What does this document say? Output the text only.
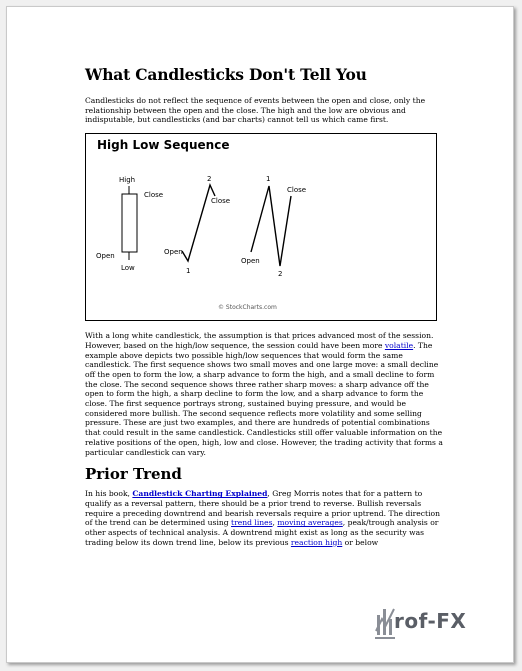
What Candlesticks Don't Tell You

Candlesticks do not reflect the sequence of events between the open and close, only the relationship between the open and the close. The high and the low are obvious and indisputable, but candlesticks (and bar charts) cannot tell us which came first.

High Low Sequence
High
Close
Open
Low
Open
1
2
Close
Open
1
2
Close
© StockCharts.com

With a long white candlestick, the assumption is that prices advanced most of the session. However, based on the high/low sequence, the session could have been more volatile. The example above depicts two possible high/low sequences that would form the same candlestick. The first sequence shows two small moves and one large move: a small decline off the open to form the low, a sharp advance to form the high, and a small decline to form the close. The second sequence shows three rather sharp moves: a sharp advance off the open to form the high, a sharp decline to form the low, and a sharp advance to form the close. The first sequence portrays strong, sustained buying pressure, and would be considered more bullish. The second sequence reflects more volatility and some selling pressure. These are just two examples, and there are hundreds of potential combinations that could result in the same candlestick. Candlesticks still offer valuable information on the relative positions of the open, high, low and close. However, the trading activity that forms a particular candlestick can vary.

Prior Trend

In his book, Candlestick Charting Explained, Greg Morris notes that for a pattern to qualify as a reversal pattern, there should be a prior trend to reverse. Bullish reversals require a preceding downtrend and bearish reversals require a prior uptrend. The direction of the trend can be determined using trend lines, moving averages, peak/trough analysis or other aspects of technical analysis. A downtrend might exist as long as the security was trading below its down trend line, below its previous reaction high or below

rof-FX
